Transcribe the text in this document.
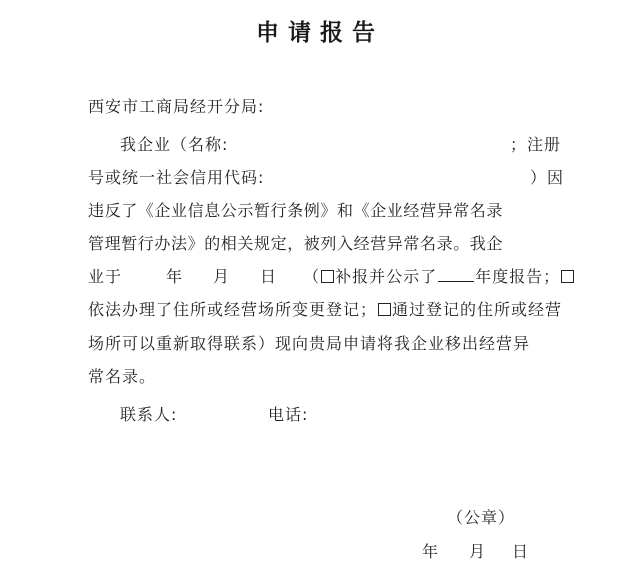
申请报告
西安市工商局经开分局:
我企业（名称:	；注册
号或统一社会信用代码:	）因
违反了《企业信息公示暂行条例》和《企业经营异常名录
管理暂行办法》的相关规定，被列入经营异常名录。我企
业于	年 月 日 （ 补报并公示了 年度报告；
依法办理了住所或经营场所变更登记； 通过登记的住所或经营
场所可以重新取得联系）现向贵局申请将我企业移出经营异
常名录。
联系人:	电话:
（公章）
年 月 日
